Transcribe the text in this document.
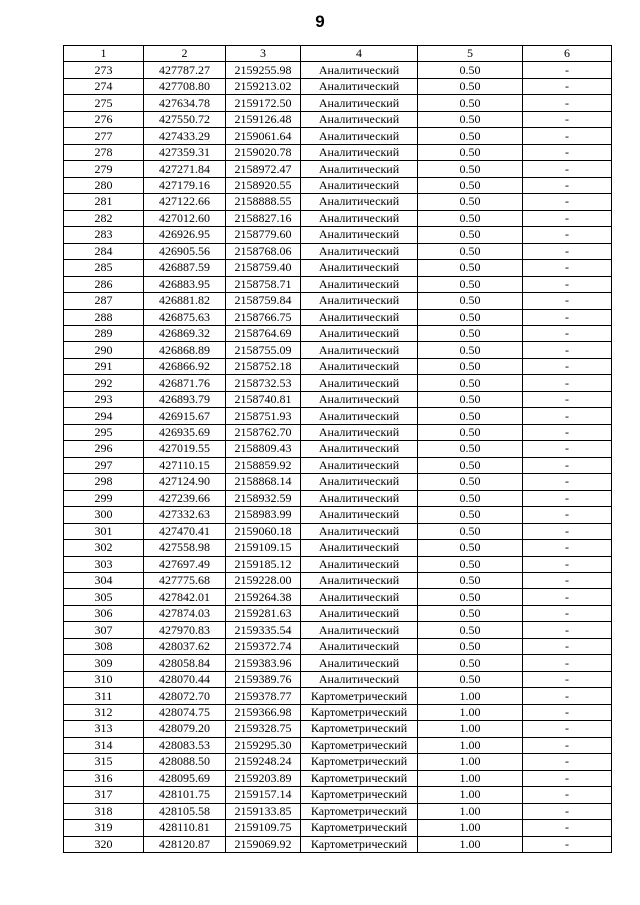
9
1	2	3	4	5	6
273	427787.27	2159255.98	Аналитический	0.50	-
274	427708.80	2159213.02	Аналитический	0.50	-
275	427634.78	2159172.50	Аналитический	0.50	-
276	427550.72	2159126.48	Аналитический	0.50	-
277	427433.29	2159061.64	Аналитический	0.50	-
278	427359.31	2159020.78	Аналитический	0.50	-
279	427271.84	2158972.47	Аналитический	0.50	-
280	427179.16	2158920.55	Аналитический	0.50	-
281	427122.66	2158888.55	Аналитический	0.50	-
282	427012.60	2158827.16	Аналитический	0.50	-
283	426926.95	2158779.60	Аналитический	0.50	-
284	426905.56	2158768.06	Аналитический	0.50	-
285	426887.59	2158759.40	Аналитический	0.50	-
286	426883.95	2158758.71	Аналитический	0.50	-
287	426881.82	2158759.84	Аналитический	0.50	-
288	426875.63	2158766.75	Аналитический	0.50	-
289	426869.32	2158764.69	Аналитический	0.50	-
290	426868.89	2158755.09	Аналитический	0.50	-
291	426866.92	2158752.18	Аналитический	0.50	-
292	426871.76	2158732.53	Аналитический	0.50	-
293	426893.79	2158740.81	Аналитический	0.50	-
294	426915.67	2158751.93	Аналитический	0.50	-
295	426935.69	2158762.70	Аналитический	0.50	-
296	427019.55	2158809.43	Аналитический	0.50	-
297	427110.15	2158859.92	Аналитический	0.50	-
298	427124.90	2158868.14	Аналитический	0.50	-
299	427239.66	2158932.59	Аналитический	0.50	-
300	427332.63	2158983.99	Аналитический	0.50	-
301	427470.41	2159060.18	Аналитический	0.50	-
302	427558.98	2159109.15	Аналитический	0.50	-
303	427697.49	2159185.12	Аналитический	0.50	-
304	427775.68	2159228.00	Аналитический	0.50	-
305	427842.01	2159264.38	Аналитический	0.50	-
306	427874.03	2159281.63	Аналитический	0.50	-
307	427970.83	2159335.54	Аналитический	0.50	-
308	428037.62	2159372.74	Аналитический	0.50	-
309	428058.84	2159383.96	Аналитический	0.50	-
310	428070.44	2159389.76	Аналитический	0.50	-
311	428072.70	2159378.77	Картометрический	1.00	-
312	428074.75	2159366.98	Картометрический	1.00	-
313	428079.20	2159328.75	Картометрический	1.00	-
314	428083.53	2159295.30	Картометрический	1.00	-
315	428088.50	2159248.24	Картометрический	1.00	-
316	428095.69	2159203.89	Картометрический	1.00	-
317	428101.75	2159157.14	Картометрический	1.00	-
318	428105.58	2159133.85	Картометрический	1.00	-
319	428110.81	2159109.75	Картометрический	1.00	-
320	428120.87	2159069.92	Картометрический	1.00	-
